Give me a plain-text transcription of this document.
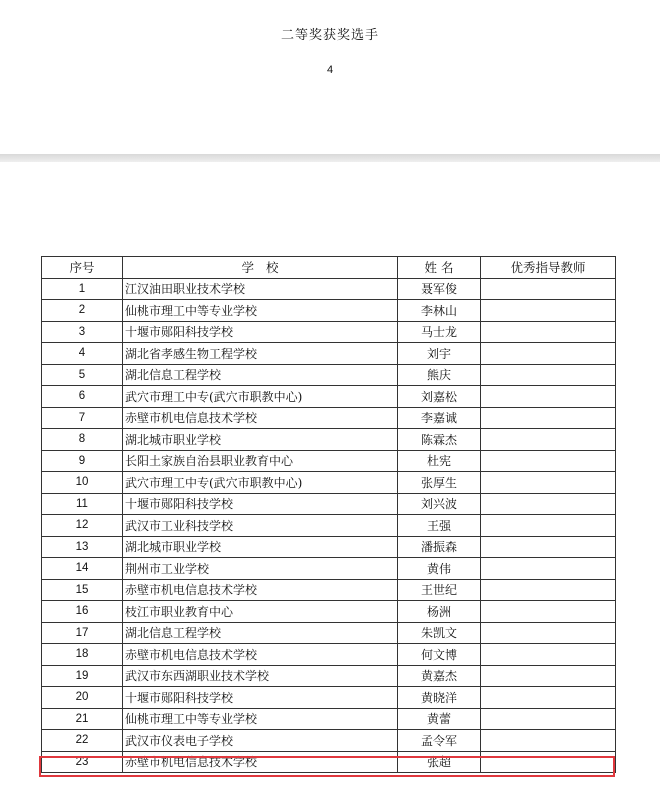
二等奖获奖选手
4
序号	学   校	姓 名	优秀指导教师
1	江汉油田职业技术学校	聂军俊	
2	仙桃市理工中等专业学校	李林山	
3	十堰市郧阳科技学校	马士龙	
4	湖北省孝感生物工程学校	刘宇	
5	湖北信息工程学校	熊庆	
6	武穴市理工中专(武穴市职教中心)	刘嘉松	
7	赤壁市机电信息技术学校	李嘉诚	
8	湖北城市职业学校	陈霖杰	
9	长阳土家族自治县职业教育中心	杜宪	
10	武穴市理工中专(武穴市职教中心)	张厚生	
11	十堰市郧阳科技学校	刘兴波	
12	武汉市工业科技学校	王强	
13	湖北城市职业学校	潘振森	
14	荆州市工业学校	黄伟	
15	赤壁市机电信息技术学校	王世纪	
16	枝江市职业教育中心	杨洲	
17	湖北信息工程学校	朱凯文	
18	赤壁市机电信息技术学校	何文博	
19	武汉市东西湖职业技术学校	黄嘉杰	
20	十堰市郧阳科技学校	黄晓洋	
21	仙桃市理工中等专业学校	黄蕾	
22	武汉市仪表电子学校	孟令军	
23	赤壁市机电信息技术学校	张超	
